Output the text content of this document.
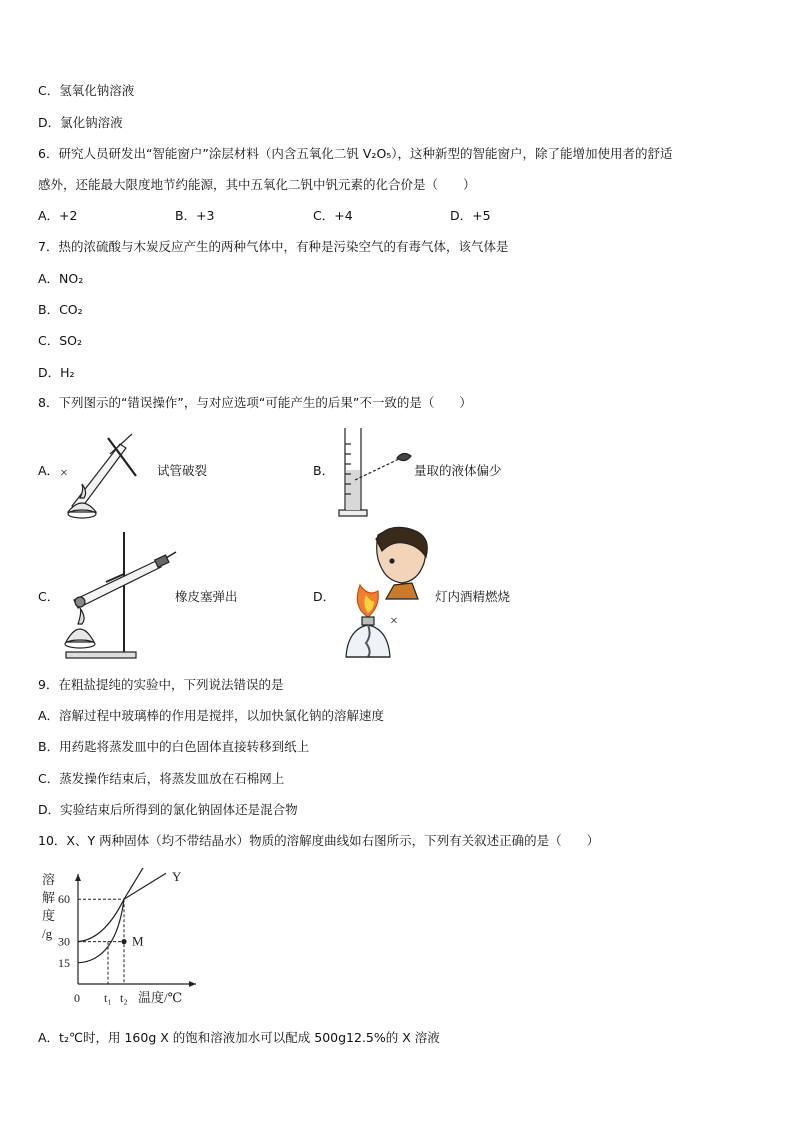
C．氢氧化钠溶液
D．氯化钠溶液
6．研究人员研发出“智能窗户”涂层材料（内含五氧化二钒 V₂O₅），这种新型的智能窗户，除了能增加使用者的舒适
感外，还能最大限度地节约能源，其中五氧化二钒中钒元素的化合价是（　　）
A．+2	B．+3	C．+4	D．+5
7．热的浓硫酸与木炭反应产生的两种气体中，有种是污染空气的有毒气体，该气体是
A．NO₂
B．CO₂
C．SO₂
D．H₂
8．下列图示的“错误操作”，与对应选项“可能产生的后果”不一致的是（　　）
A． ×	试管破裂	B．	量取的液体偏少
C．	橡皮塞弹出	D．
×
灯内酒精燃烧
9．在粗盐提纯的实验中，下列说法错误的是
A．溶解过程中玻璃棒的作用是搅拌，以加快氯化钠的溶解速度
B．用药匙将蒸发皿中的白色固体直接转移到纸上
C．蒸发操作结束后，将蒸发皿放在石棉网上
D．实验结束后所得到的氯化钠固体还是混合物
10．X、Y 两种固体（均不带结晶水）物质的溶解度曲线如右图所示，下列有关叙述正确的是（　　）
溶
解
度
/g
60
30
15
0 t₁ t₂ 温度/℃
Y
M
A．t₂℃时，用 160g X 的饱和溶液加水可以配成 500g12.5%的 X 溶液
